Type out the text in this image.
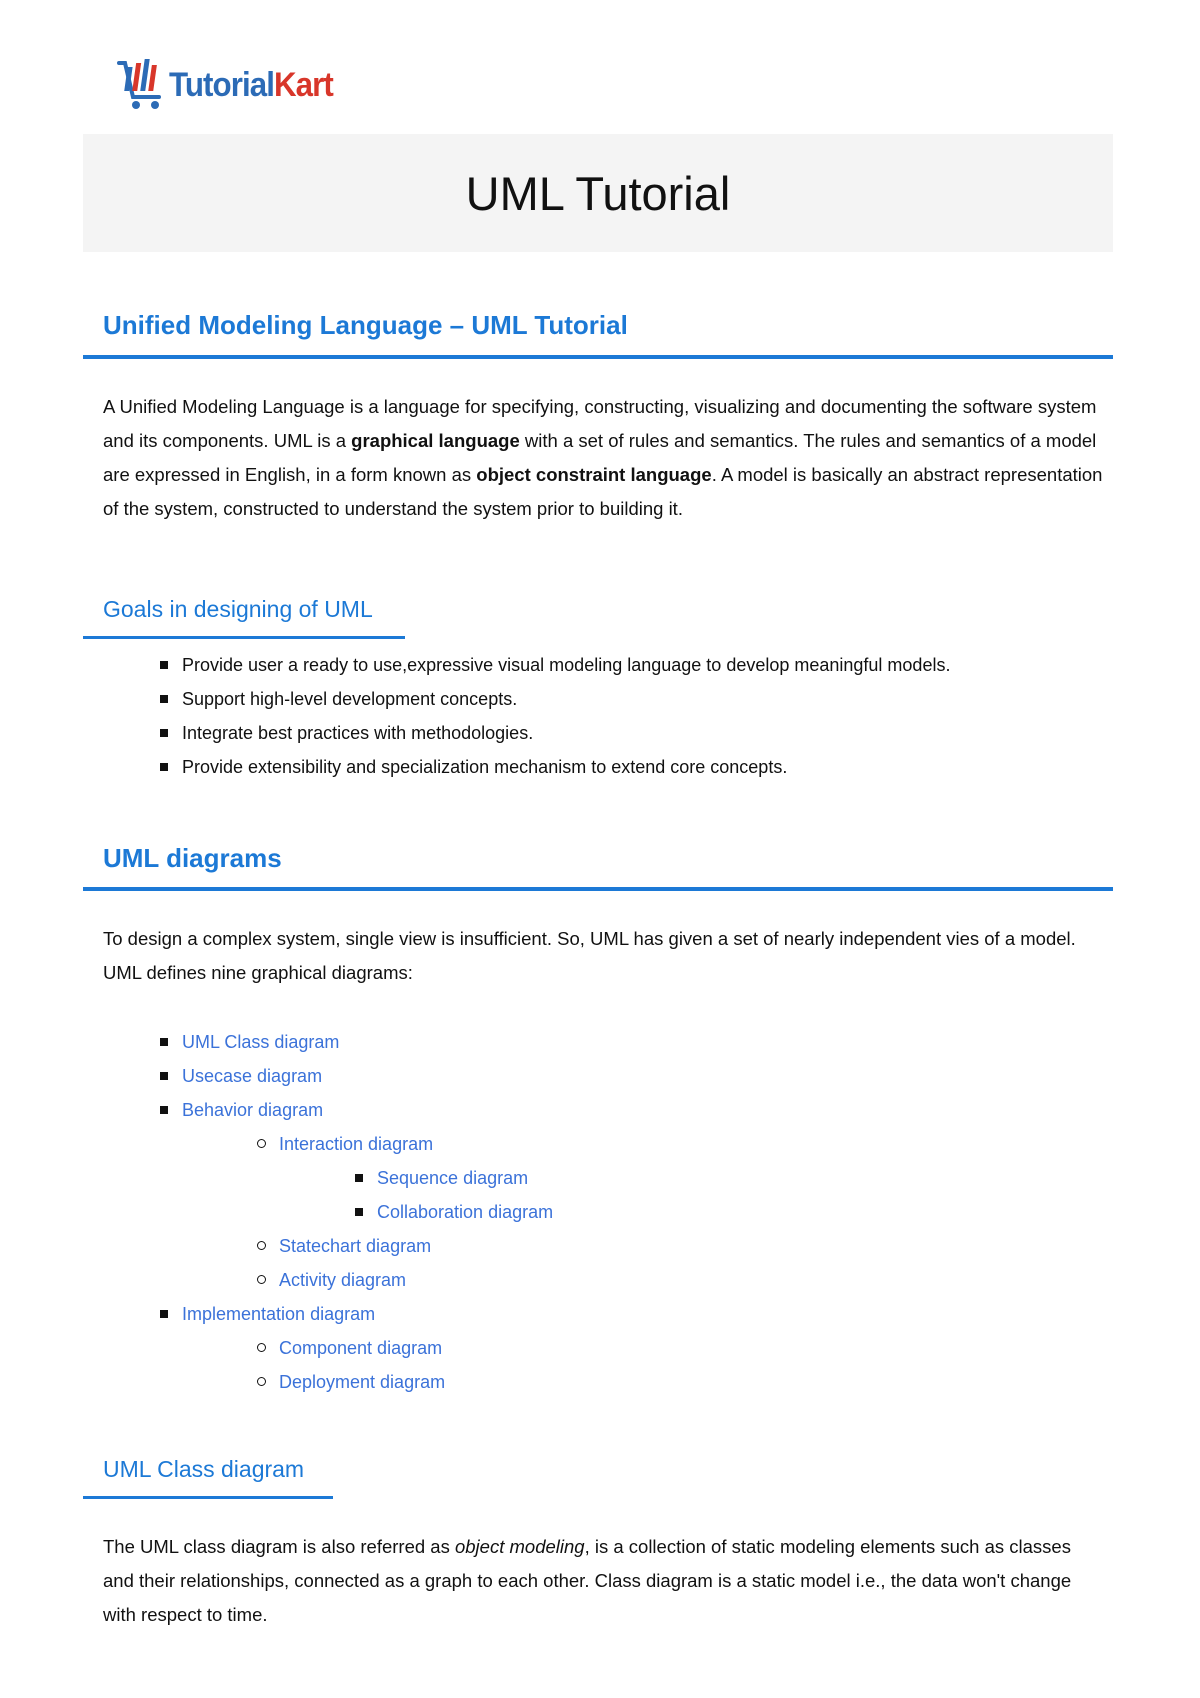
TutorialKart
UML Tutorial
Unified Modeling Language – UML Tutorial

A Unified Modeling Language is a language for specifying, constructing, visualizing and documenting the software system and its components. UML is a graphical language with a set of rules and semantics. The rules and semantics of a model are expressed in English, in a form known as object constraint language. A model is basically an abstract representation of the system, constructed to understand the system prior to building it.

Goals in designing of UML
Provide user a ready to use,expressive visual modeling language to develop meaningful models.
Support high-level development concepts.
Integrate best practices with methodologies.
Provide extensibility and specialization mechanism to extend core concepts.
UML diagrams

To design a complex system, single view is insufficient. So, UML has given a set of nearly independent vies of a model. UML defines nine graphical diagrams:

UML Class diagram
Usecase diagram
Behavior diagram
Interaction diagram
Sequence diagram
Collaboration diagram
Statechart diagram
Activity diagram
Implementation diagram
Component diagram
Deployment diagram
UML Class diagram

The UML class diagram is also referred as object modeling, is a collection of static modeling elements such as classes and their relationships, connected as a graph to each other. Class diagram is a static model i.e., the data won't change with respect to time.
